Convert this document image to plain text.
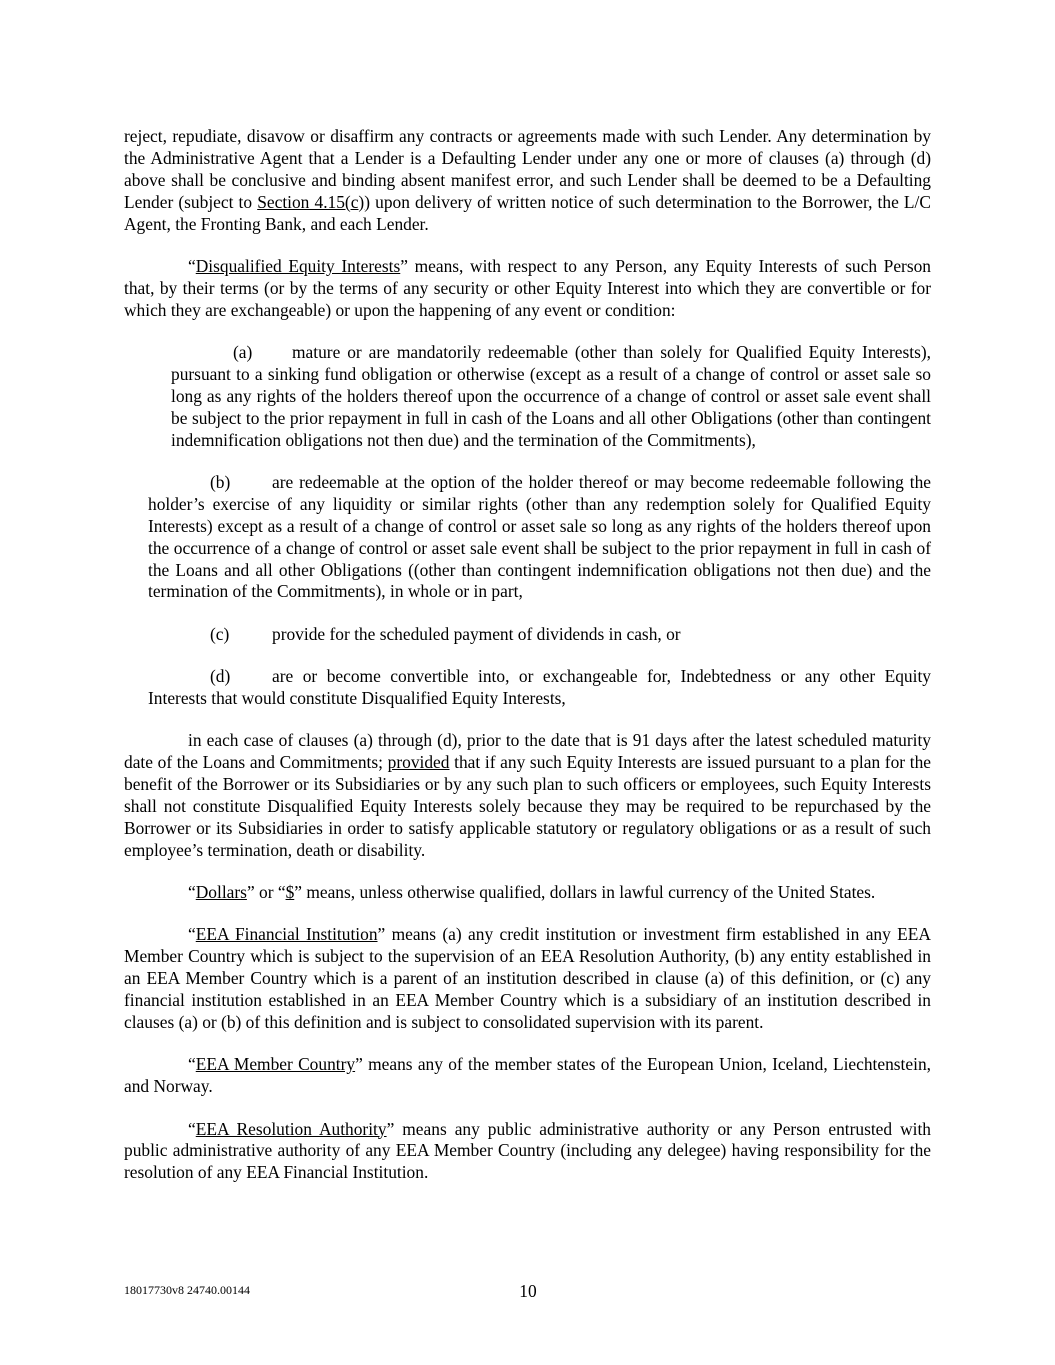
reject, repudiate, disavow or disaffirm any contracts or agreements made with such Lender. Any determination by the Administrative Agent that a Lender is a Defaulting Lender under any one or more of clauses (a) through (d) above shall be conclusive and binding absent manifest error, and such Lender shall be deemed to be a Defaulting Lender (subject to Section 4.15(c)) upon delivery of written notice of such determination to the Borrower, the L/C Agent, the Fronting Bank, and each Lender.

“Disqualified Equity Interests” means, with respect to any Person, any Equity Interests of such Person that, by their terms (or by the terms of any security or other Equity Interest into which they are convertible or for which they are exchangeable) or upon the happening of any event or condition:

(a) mature or are mandatorily redeemable (other than solely for Qualified Equity Interests), pursuant to a sinking fund obligation or otherwise (except as a result of a change of control or asset sale so long as any rights of the holders thereof upon the occurrence of a change of control or asset sale event shall be subject to the prior repayment in full in cash of the Loans and all other Obligations (other than contingent indemnification obligations not then due) and the termination of the Commitments),

(b) are redeemable at the option of the holder thereof or may become redeemable following the holder’s exercise of any liquidity or similar rights (other than any redemption solely for Qualified Equity Interests) except as a result of a change of control or asset sale so long as any rights of the holders thereof upon the occurrence of a change of control or asset sale event shall be subject to the prior repayment in full in cash of the Loans and all other Obligations ((other than contingent indemnification obligations not then due) and the termination of the Commitments), in whole or in part,

(c) provide for the scheduled payment of dividends in cash, or

(d) are or become convertible into, or exchangeable for, Indebtedness or any other Equity Interests that would constitute Disqualified Equity Interests,

in each case of clauses (a) through (d), prior to the date that is 91 days after the latest scheduled maturity date of the Loans and Commitments; provided that if any such Equity Interests are issued pursuant to a plan for the benefit of the Borrower or its Subsidiaries or by any such plan to such officers or employees, such Equity Interests shall not constitute Disqualified Equity Interests solely because they may be required to be repurchased by the Borrower or its Subsidiaries in order to satisfy applicable statutory or regulatory obligations or as a result of such employee’s termination, death or disability.

“Dollars” or “$” means, unless otherwise qualified, dollars in lawful currency of the United States.

“EEA Financial Institution” means (a) any credit institution or investment firm established in any EEA Member Country which is subject to the supervision of an EEA Resolution Authority, (b) any entity established in an EEA Member Country which is a parent of an institution described in clause (a) of this definition, or (c) any financial institution established in an EEA Member Country which is a subsidiary of an institution described in clauses (a) or (b) of this definition and is subject to consolidated supervision with its parent.

“EEA Member Country” means any of the member states of the European Union, Iceland, Liechtenstein, and Norway.

“EEA Resolution Authority” means any public administrative authority or any Person entrusted with public administrative authority of any EEA Member Country (including any delegee) having responsibility for the resolution of any EEA Financial Institution.

18017730v8 24740.00144	10
